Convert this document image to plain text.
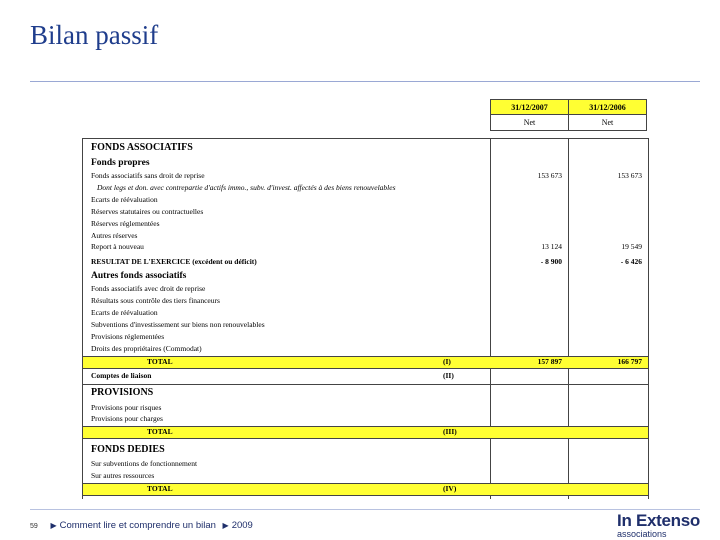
Bilan passif
31/12/2007	31/12/2006
Net	Net
FONDS ASSOCIATIFS
Fonds propres
Fonds associatifs sans droit de reprise	153 673	153 673
Dont legs et don. avec contrepartie d'actifs immo., subv. d'invest. affectés à des biens renouvelables
Ecarts de réévaluation
Réserves statutaires ou contractuelles
Réserves réglementées
Autres réserves
Report à nouveau	13 124	19 549
RESULTAT DE L'EXERCICE (excédent ou déficit)	- 8 900	- 6 426
Autres fonds associatifs
Fonds associatifs avec droit de reprise
Résultats sous contrôle des tiers financeurs
Ecarts de réévaluation
Subventions d'investissement sur biens non renouvelables
Provisions réglementées
Droits des propriétaires (Commodat)
TOTAL	(I)	157 897	166 797
Comptes de liaison	(II)
PROVISIONS
Provisions pour risques
Provisions pour charges
TOTAL	(III)
FONDS DEDIES
Sur subventions de fonctionnement
Sur autres ressources
TOTAL	(IV)
59 ▶ Comment lire et comprendre un bilan ▶ 2009	In Extenso
associations
